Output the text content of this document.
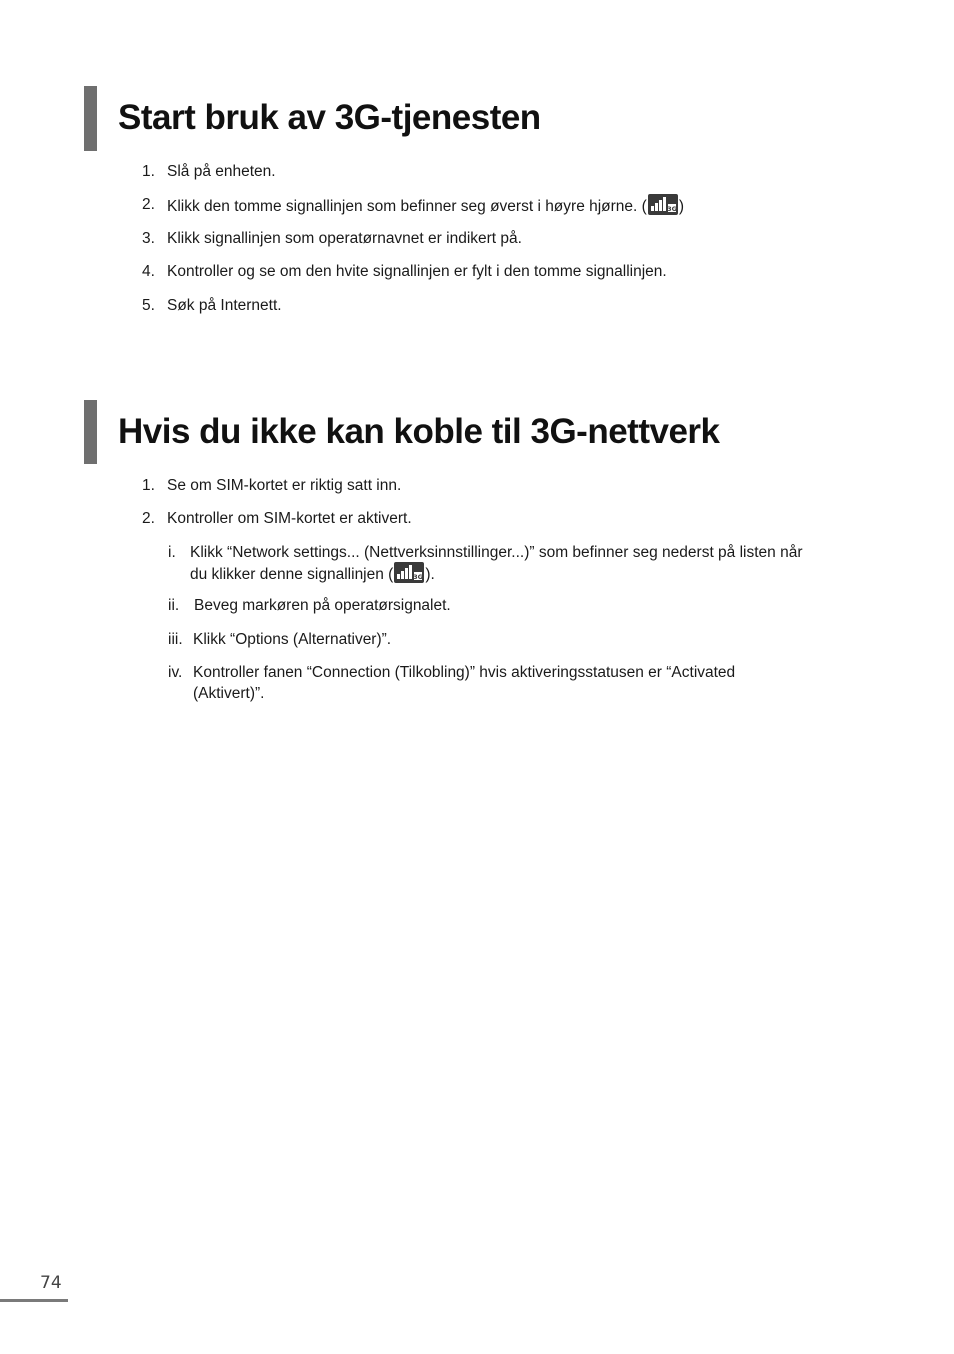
Start bruk av 3G-tjenesten
1. Slå på enheten.
2. Klikk den tomme signallinjen som befinner seg øverst i høyre hjørne. (	3G )
3. Klikk signallinjen som operatørnavnet er indikert på.
4. Kontroller og se om den hvite signallinjen er fylt i den tomme signallinjen.
5. Søk på Internett.
Hvis du ikke kan koble til 3G-nettverk
1. Se om SIM-kortet er riktig satt inn.
2. Kontroller om SIM-kortet er aktivert.
i. Klikk “Network settings... (Nettverksinnstillinger...)” som befinner seg nederst på listen når
du klikker denne signallinjen (	3G ).
ii. Beveg markøren på operatørsignalet.
iii. Klikk “Options (Alternativer)”.
iv. Kontroller fanen “Connection (Tilkobling)” hvis aktiveringsstatusen er “Activated
(Aktivert)”.
74
